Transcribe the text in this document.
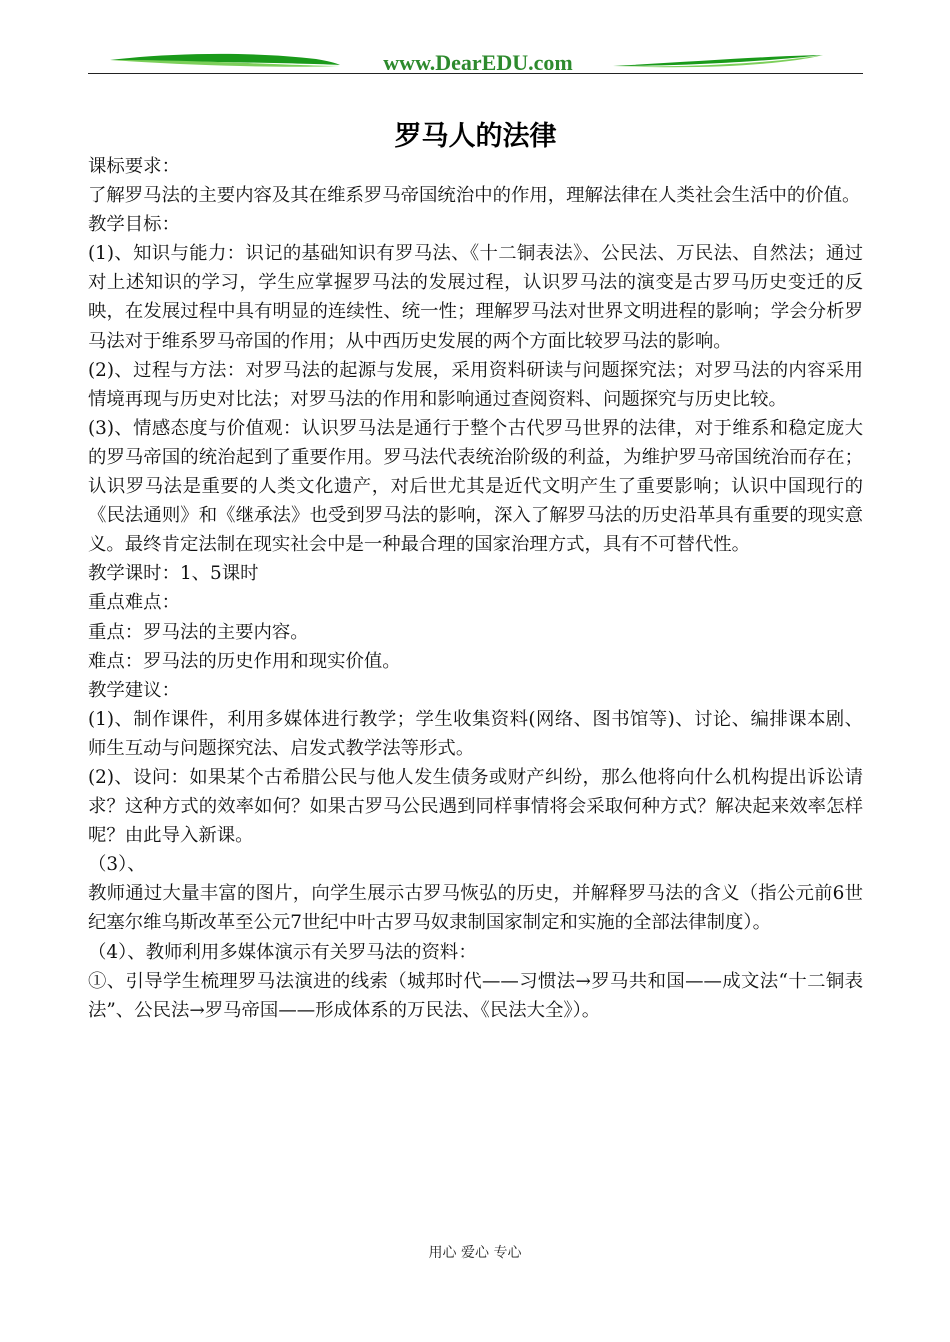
www.DearEDU.com
罗马人的法律

课标要求：

了解罗马法的主要内容及其在维系罗马帝国统治中的作用，理解法律在人类社会生活中的价值。

教学目标：

(1)、知识与能力：识记的基础知识有罗马法、《十二铜表法》、公民法、万民法、自然法；通过对上述知识的学习，学生应掌握罗马法的发展过程，认识罗马法的演变是古罗马历史变迁的反映，在发展过程中具有明显的连续性、统一性；理解罗马法对世界文明进程的影响；学会分析罗马法对于维系罗马帝国的作用；从中西历史发展的两个方面比较罗马法的影响。

(2)、过程与方法：对罗马法的起源与发展，采用资料研读与问题探究法；对罗马法的内容采用情境再现与历史对比法；对罗马法的作用和影响通过查阅资料、问题探究与历史比较。

(3)、情感态度与价值观：认识罗马法是通行于整个古代罗马世界的法律，对于维系和稳定庞大的罗马帝国的统治起到了重要作用。罗马法代表统治阶级的利益，为维护罗马帝国统治而存在；认识罗马法是重要的人类文化遗产，对后世尤其是近代文明产生了重要影响；认识中国现行的《民法通则》和《继承法》也受到罗马法的影响，深入了解罗马法的历史沿革具有重要的现实意义。最终肯定法制在现实社会中是一种最合理的国家治理方式，具有不可替代性。

教学课时：1、5课时

重点难点：

重点：罗马法的主要内容。

难点：罗马法的历史作用和现实价值。

教学建议：

(1)、制作课件，利用多媒体进行教学；学生收集资料(网络、图书馆等)、讨论、编排课本剧、师生互动与问题探究法、启发式教学法等形式。

(2)、设问：如果某个古希腊公民与他人发生债务或财产纠纷，那么他将向什么机构提出诉讼请求？这种方式的效率如何？如果古罗马公民遇到同样事情将会采取何种方式？解决起来效率怎样呢？由此导入新课。

（3）、

教师通过大量丰富的图片，向学生展示古罗马恢弘的历史，并解释罗马法的含义（指公元前6世纪塞尔维乌斯改革至公元7世纪中叶古罗马奴隶制国家制定和实施的全部法律制度）。

（4）、教师利用多媒体演示有关罗马法的资料：

①、引导学生梳理罗马法演进的线索（城邦时代——习惯法→罗马共和国——成文法“十二铜表法”、公民法→罗马帝国——形成体系的万民法、《民法大全》）。

用心 爱心 专心
